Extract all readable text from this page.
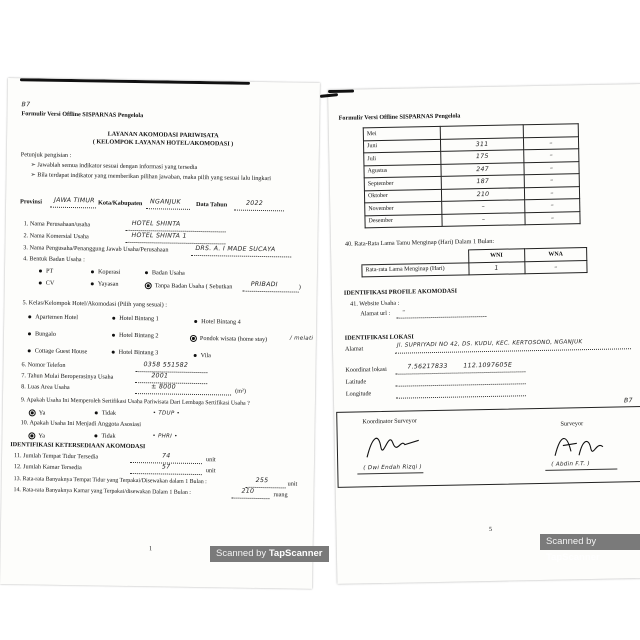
B7
Formulir Versi Offline SISPARNAS Pengelola
LAYANAN AKOMODASI PARIWISATA
( KELOMPOK LAYANAN HOTEL/AKOMODASI )
Petunjuk pengisian :
➢ Jawablah semua indikator sesuai dengan informasi yang tersedia
➢ Bila terdapat indikator yang memberikan pilihan jawaban, maka pilih yang sesuai lalu lingkari
Provinsi JAWA TIMUR Kota/Kabupaten NGANJUK Data Tahun	2022
1. Nama Perusahaan/usaha	HOTEL SHINTA
2. Nama Komersial Usaha	HOTEL SHINTA 1
3. Nama Pengusaha/Penanggung Jawab Usaha/Perusahaan	DRS. A. I MADE SUCAYA
4. Bentuk Badan Usaha :
PT	Koperasi	Badan Usaha
CV	Yayasan	Tanpa Badan Usaha ( Sebutkan	PRIBADI	)
5. Kelas/Kelompok Hotel/Akomodasi (Pilih yang sesuai) :
Apartemen Hotel	Hotel Bintang 1	Hotel Bintang 4
Bungalo	Hotel Bintang 2	Pondok wisata (home stay)	/ melati
Cottage Guest House	Hotel Bintang 3	Vila
6. Nomor Telefon	0358 551582
7. Tahun Mulai Beroperasinya Usaha	2001
8. Luas Area Usaha	± 8000
(m²)
9. Apakah Usaha Ini Memperoleh Sertifikasi Usaha Pariwisata Dari Lembaga Sertifikasi Usaha ?
Ya	Tidak	• TDUP •
10. Apakah Usaha Ini Menjadi Anggota Asosiasi
Ya	Tidak	• PHRI •
IDENTIFIKASI KETERSEDIAAN AKOMODASI
11. Jumlah Tempat Tidur Tersedia	74
unit
12. Jumlah Kamar Tersedia	57
unit
13. Rata-rata Banyaknya Tempat Tidur yang Terpakai/Disewakan dalam 1 Bulan :	255	unit
14. Rata-rata Banyaknya Kamar yang Terpakai/disewakan Dalam 1 Bulan :	210	ruang
1
Formulir Versi Offline SISPARNAS Pengelola
Mei		
Juni	311	–
Juli	175	–
Agustus	247	–
September	187	–
Oktober	210	–
November	–	–
Desember	–	–
40. Rata-Rata Lama Tamu Menginap (Hari) Dalam 1 Bulan:
	WNI	WNA
Rata-rata Lama Menginap (Hari)	1	–
IDENTIFIKASI PROFILE AKOMODASI
41. Website Usaha :
Alamat url : –
IDENTIFIKASI LOKASI
Alamat
Jl. SUPRIYADI NO 42, DS. KUDU, KEC. KERTOSONO, NGANJUK
Koordinat lokasi	7.56217833 112.1097605E
Latitude
Longitude
B7
Koordinator Surveyor
( Dwi Endah Rizqi )
Surveyor
( Abdin F.T. )
5
Scanned by TapScanner
Scanned by TapScanner
